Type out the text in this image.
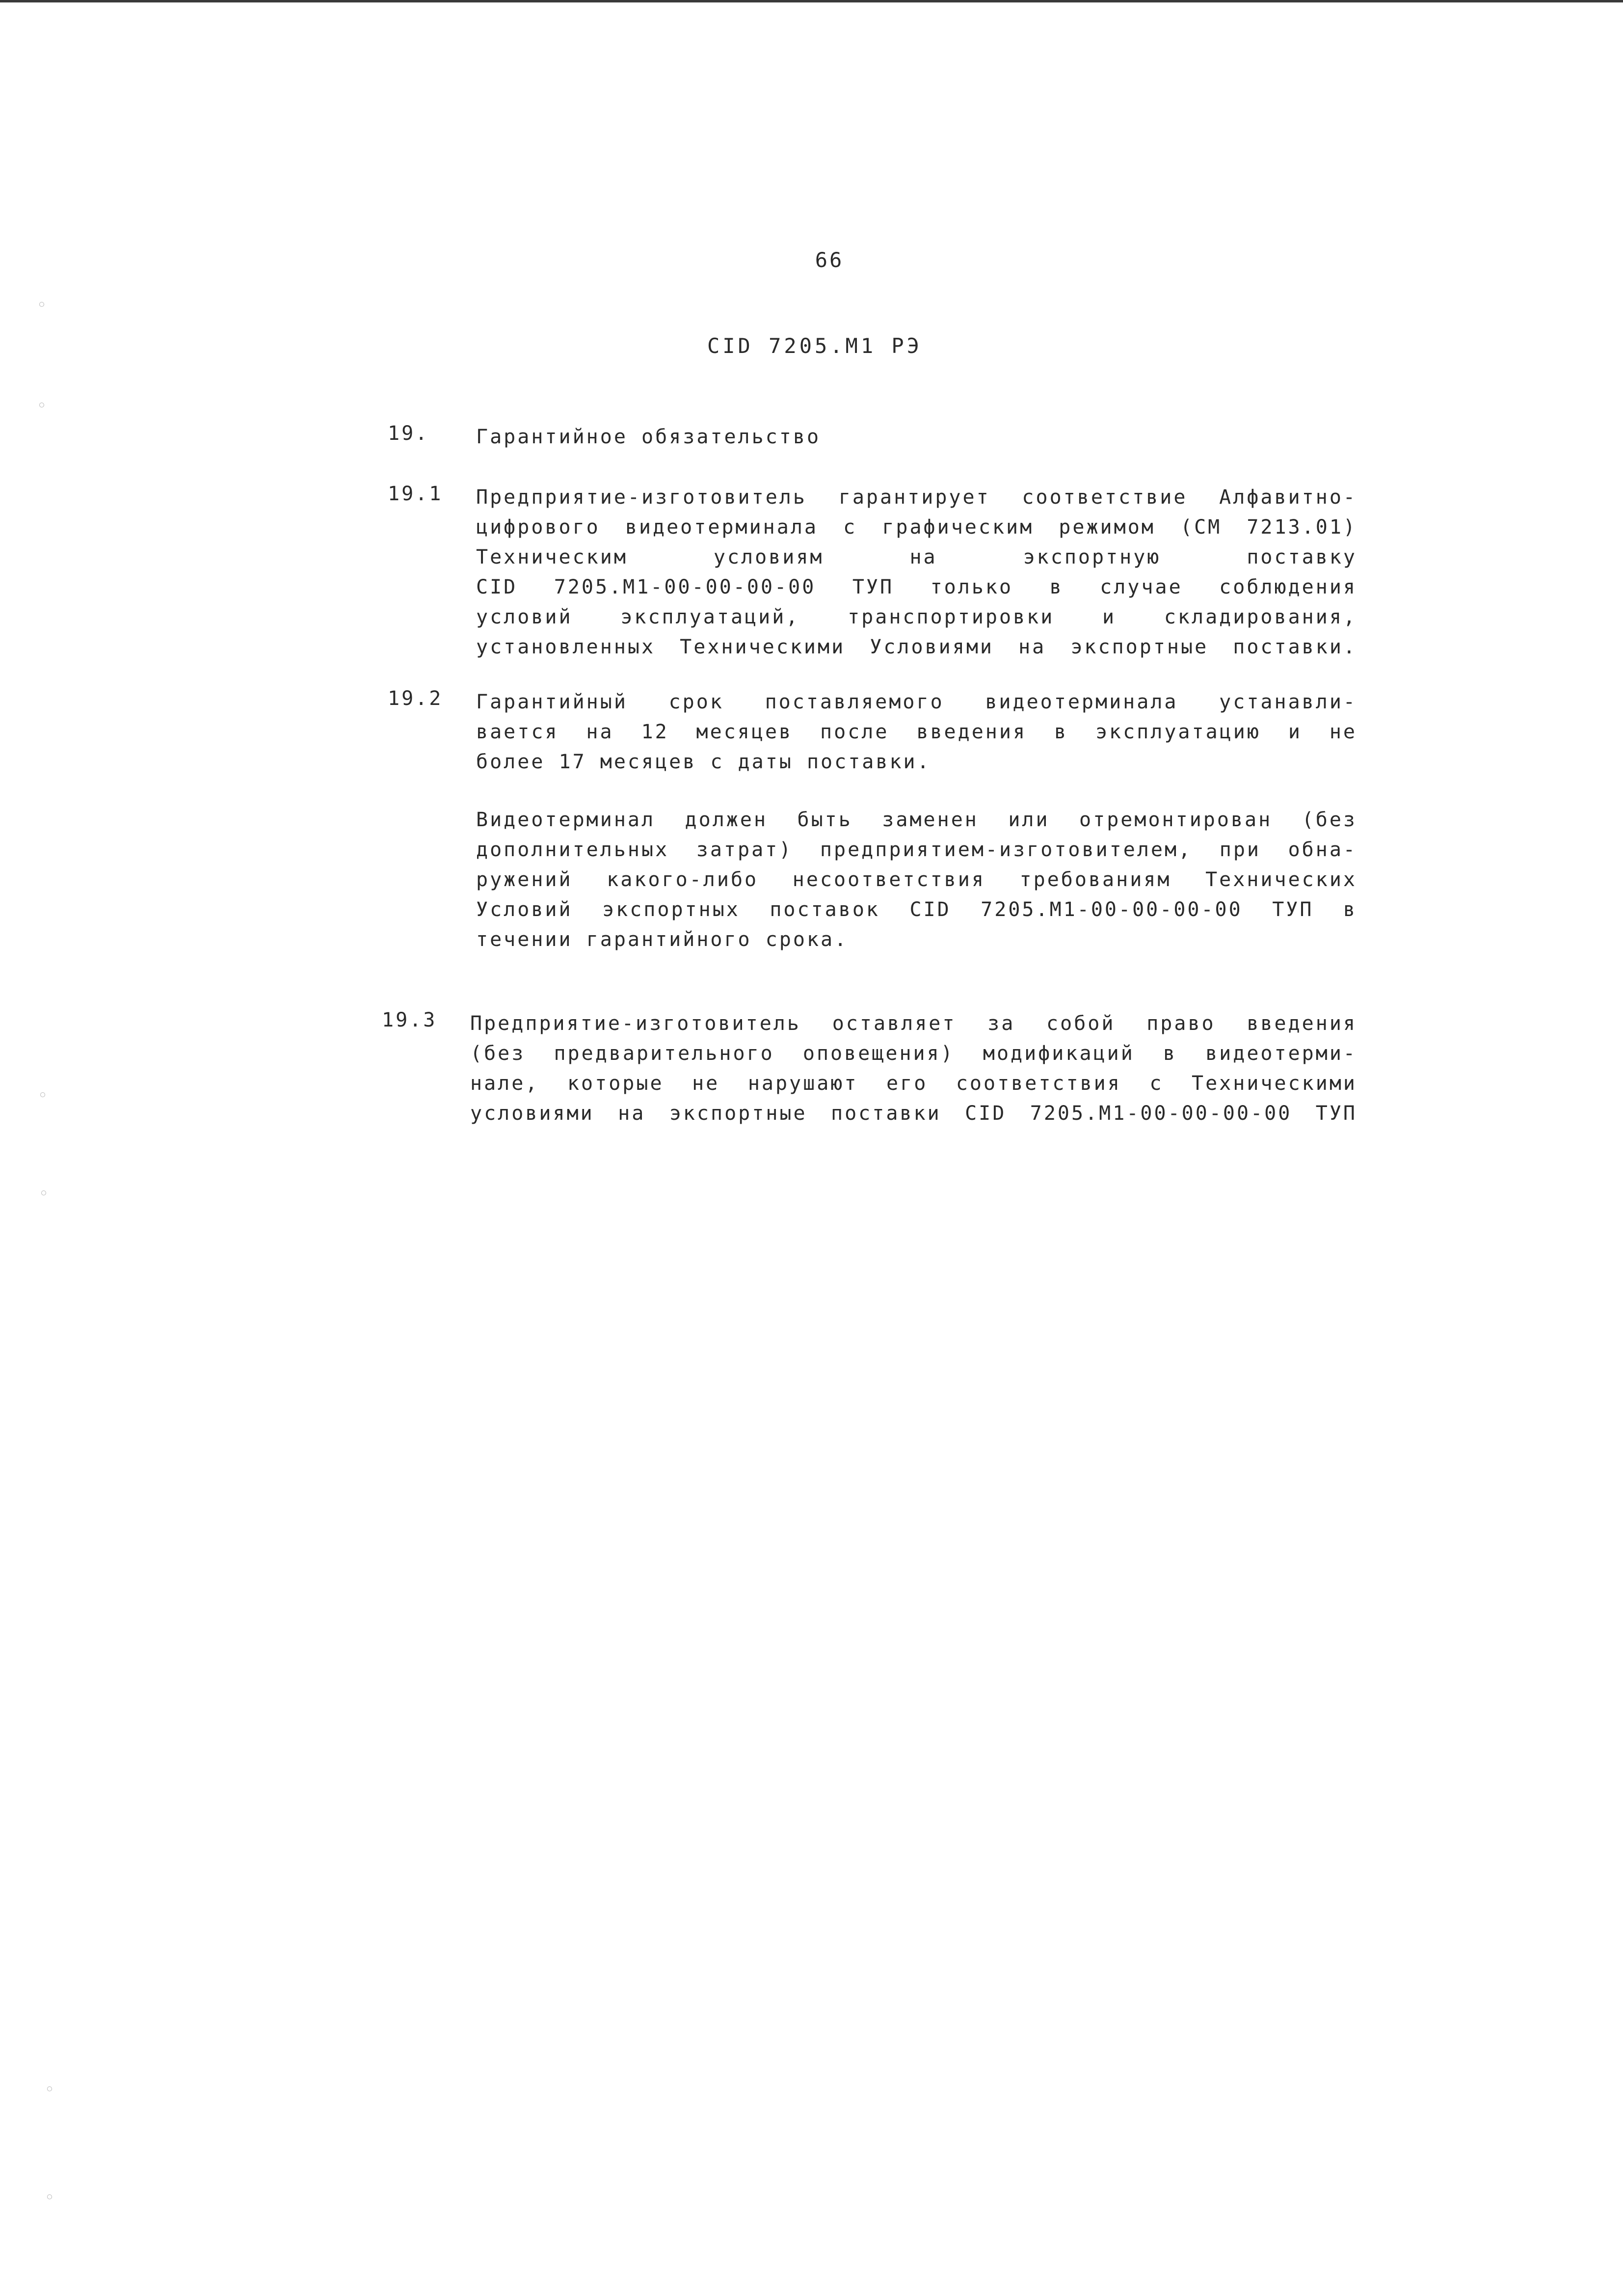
66
CID 7205.M1 РЭ
19. Гарантийное обязательство
19.1 Предприятие-изготовитель гарантирует соответствие Алфавитно-
цифрового видеотерминала с графическим режимом (СМ 7213.01)
Техническим условиям на экспортную поставку
CID 7205.M1-00-00-00-00 ТУП только в случае соблюдения
условий эксплуатаций, транспортировки и складирования,
установленных Техническими Условиями на экспортные поставки.
19.2 Гарантийный срок поставляемого видеотерминала устанавли-
вается на 12 месяцев после введения в эксплуатацию и не
более 17 месяцев с даты поставки.
Видеотерминал должен быть заменен или отремонтирован (без
дополнительных затрат) предприятием-изготовителем, при обна-
ружений какого-либо несоответствия требованиям Технических
Условий экспортных поставок CID 7205.M1-00-00-00-00 ТУП в
течении гарантийного срока.
19.3 Предприятие-изготовитель оставляет за собой право введения
(без предварительного оповещения) модификаций в видеотерми-
нале, которые не нарушают его соответствия с Техническими
условиями на экспортные поставки CID 7205.M1-00-00-00-00 ТУП
